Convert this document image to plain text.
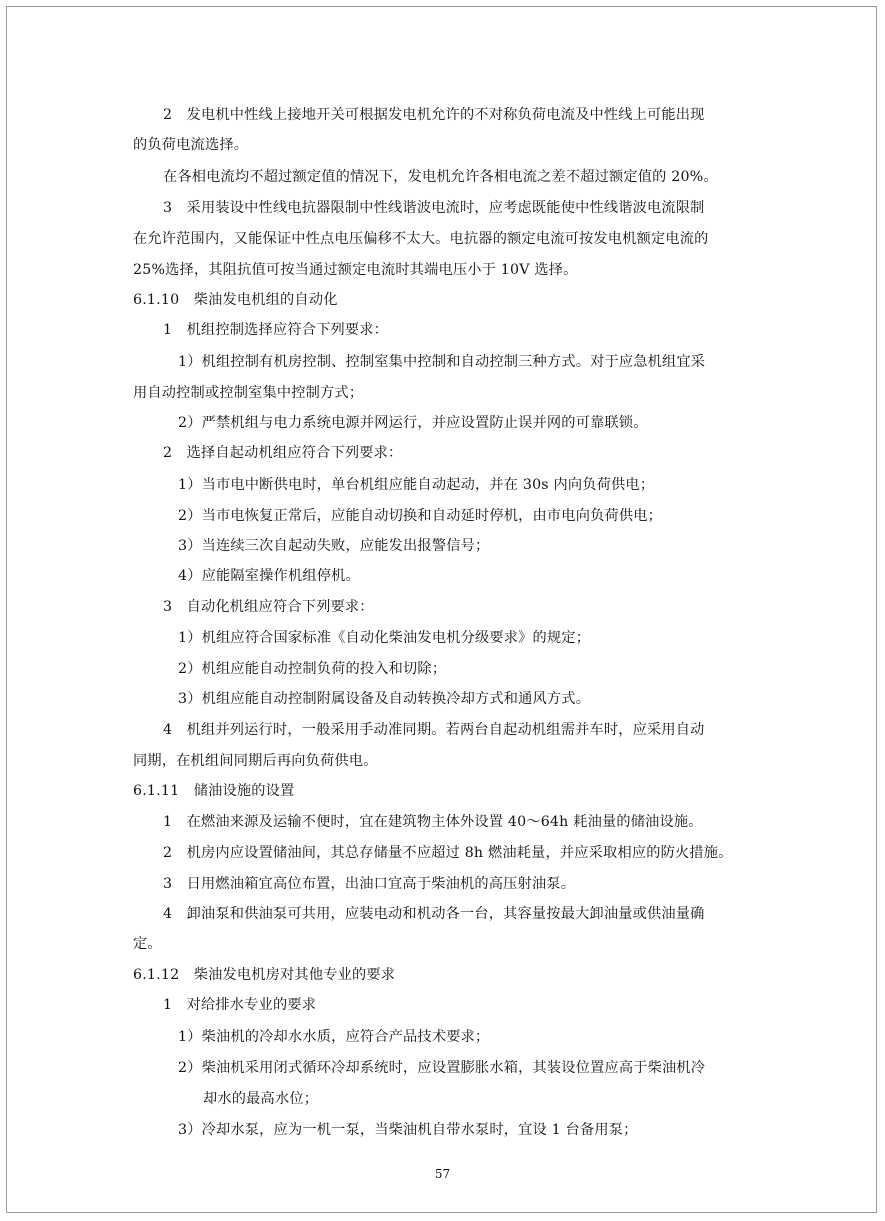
2　发电机中性线上接地开关可根据发电机允许的不对称负荷电流及中性线上可能出现
的负荷电流选择。
在各相电流均不超过额定值的情况下，发电机允许各相电流之差不超过额定值的 20%。
3　采用装设中性线电抗器限制中性线谐波电流时，应考虑既能使中性线谐波电流限制
在允许范围内，又能保证中性点电压偏移不太大。电抗器的额定电流可按发电机额定电流的
25%选择，其阻抗值可按当通过额定电流时其端电压小于 10V 选择。
6.1.10　柴油发电机组的自动化
1　机组控制选择应符合下列要求：
1）机组控制有机房控制、控制室集中控制和自动控制三种方式。对于应急机组宜采
用自动控制或控制室集中控制方式；
2）严禁机组与电力系统电源并网运行，并应设置防止误并网的可靠联锁。
2　选择自起动机组应符合下列要求：
1）当市电中断供电时，单台机组应能自动起动，并在 30s 内向负荷供电；
2）当市电恢复正常后，应能自动切换和自动延时停机，由市电向负荷供电；
3）当连续三次自起动失败，应能发出报警信号；
4）应能隔室操作机组停机。
3　自动化机组应符合下列要求：
1）机组应符合国家标准《自动化柴油发电机分级要求》的规定；
2）机组应能自动控制负荷的投入和切除；
3）机组应能自动控制附属设备及自动转换冷却方式和通风方式。
4　机组并列运行时，一般采用手动准同期。若两台自起动机组需并车时，应采用自动
同期，在机组间同期后再向负荷供电。
6.1.11　储油设施的设置
1　在燃油来源及运输不便时，宜在建筑物主体外设置 40～64h 耗油量的储油设施。
2　机房内应设置储油间，其总存储量不应超过 8h 燃油耗量，并应采取相应的防火措施。
3　日用燃油箱宜高位布置，出油口宜高于柴油机的高压射油泵。
4　卸油泵和供油泵可共用，应装电动和机动各一台，其容量按最大卸油量或供油量确
定。
6.1.12　柴油发电机房对其他专业的要求
1　对给排水专业的要求
1）柴油机的冷却水水质，应符合产品技术要求；
2）柴油机采用闭式循环冷却系统时，应设置膨胀水箱，其装设位置应高于柴油机冷
却水的最高水位；
3）冷却水泵，应为一机一泵，当柴油机自带水泵时，宜设 1 台备用泵；
57
